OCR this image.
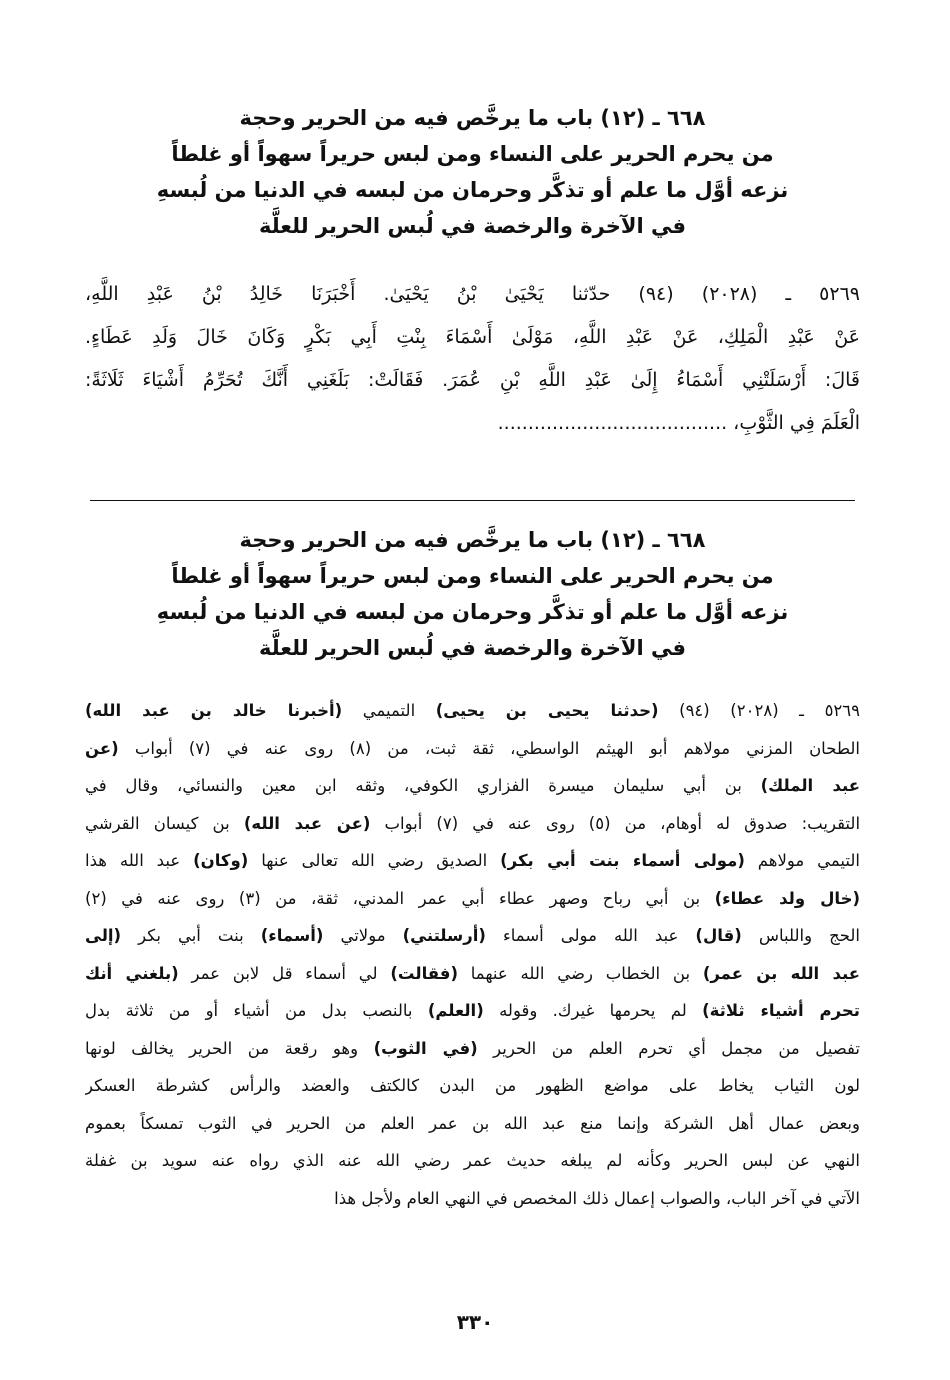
٦٦٨ ـ (١٢) باب ما يرخَّص فيه من الحرير وحجة
من يحرم الحرير على النساء ومن لبس حريراً سهواً أو غلطاً
نزعه أوَّل ما علم أو تذكَّر وحرمان من لبسه في الدنيا من لُبسهِ
في الآخرة والرخصة في لُبس الحرير للعلَّة
٥٢٦٩ ـ (٢٠٢٨) (٩٤) حدّثنا يَحْيَىٰ بْنُ يَحْيَىٰ. أَخْبَرَنَا خَالِدُ بْنُ عَبْدِ اللَّهِ،
عَنْ عَبْدِ الْمَلِكِ، عَنْ عَبْدِ اللَّهِ، مَوْلَىٰ أَسْمَاءَ بِنْتِ أَبِي بَكْرٍ وَكَانَ خَالَ وَلَدِ عَطَاءٍ.
قَالَ: أَرْسَلَتْنِي أَسْمَاءُ إِلَىٰ عَبْدِ اللَّهِ بْنِ عُمَرَ. فَقَالَتْ: بَلَغَنِي أَنَّكَ تُحَرِّمُ أَشْيَاءَ ثَلَاثَةً:
الْعَلَمَ فِي الثَّوْبِ، ......................................
٦٦٨ ـ (١٢) باب ما يرخَّص فيه من الحرير وحجة
من يحرم الحرير على النساء ومن لبس حريراً سهواً أو غلطاً
نزعه أوَّل ما علم أو تذكَّر وحرمان من لبسه في الدنيا من لُبسهِ
في الآخرة والرخصة في لُبس الحرير للعلَّة
٥٢٦٩ ـ (٢٠٢٨) (٩٤) (حدثنا يحيى بن يحيى) التميمي (أخبرنا خالد بن عبد الله)
الطحان المزني مولاهم أبو الهيثم الواسطي، ثقة ثبت، من (٨) روى عنه في (٧) أبواب (عن
عبد الملك) بن أبي سليمان ميسرة الفزاري الكوفي، وثقه ابن معين والنسائي، وقال في
التقريب: صدوق له أوهام، من (٥) روى عنه في (٧) أبواب (عن عبد الله) بن كيسان القرشي
التيمي مولاهم (مولى أسماء بنت أبي بكر) الصديق رضي الله تعالى عنها (وكان) عبد الله هذا
(خال ولد عطاء) بن أبي رباح وصهر عطاء أبي عمر المدني، ثقة، من (٣) روى عنه في (٢)
الحج واللباس (قال) عبد الله مولى أسماء (أرسلتني) مولاتي (أسماء) بنت أبي بكر (إلى
عبد الله بن عمر) بن الخطاب رضي الله عنهما (فقالت) لي أسماء قل لابن عمر (بلغني أنك
تحرم أشياء ثلاثة) لم يحرمها غيرك. وقوله (العلم) بالنصب بدل من أشياء أو من ثلاثة بدل
تفصيل من مجمل أي تحرم العلم من الحرير (في الثوب) وهو رقعة من الحرير يخالف لونها
لون الثياب يخاط على مواضع الظهور من البدن كالكتف والعضد والرأس كشرطة العسكر
وبعض عمال أهل الشركة وإنما منع عبد الله بن عمر العلم من الحرير في الثوب تمسكاً بعموم
النهي عن لبس الحرير وكأنه لم يبلغه حديث عمر رضي الله عنه الذي رواه عنه سويد بن غفلة
الآتي في آخر الباب، والصواب إعمال ذلك المخصص في النهي العام ولأجل هذا
٣٣٠
